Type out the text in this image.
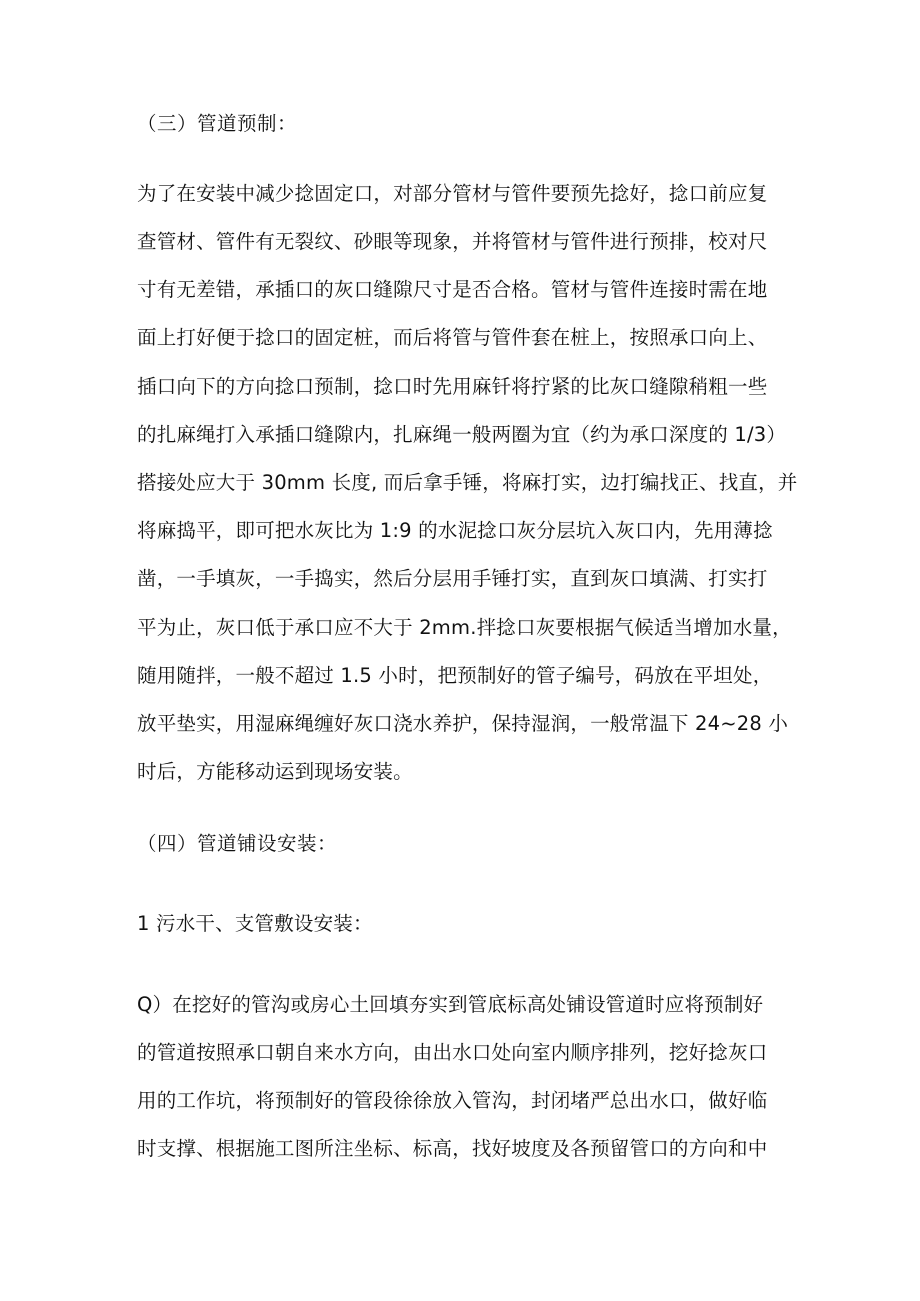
（三）管道预制：
为了在安装中减少捻固定口，对部分管材与管件要预先捻好，捻口前应复
查管材、管件有无裂纹、砂眼等现象，并将管材与管件进行预排，校对尺
寸有无差错，承插口的灰口缝隙尺寸是否合格。管材与管件连接时需在地
面上打好便于捻口的固定桩，而后将管与管件套在桩上，按照承口向上、
插口向下的方向捻口预制，捻口时先用麻钎将拧紧的比灰口缝隙稍粗一些
的扎麻绳打入承插口缝隙内，扎麻绳一般两圈为宜（约为承口深度的 1/3）
搭接处应大于 30mm 长度, 而后拿手锤，将麻打实，边打编找正、找直，并
将麻捣平，即可把水灰比为 1:9 的水泥捻口灰分层坑入灰口内，先用薄捻
凿，一手填灰，一手捣实，然后分层用手锤打实，直到灰口填满、打实打
平为止，灰口低于承口应不大于 2mm.拌捻口灰要根据气候适当增加水量，
随用随拌，一般不超过 1.5 小时，把预制好的管子编号，码放在平坦处，
放平垫实，用湿麻绳缠好灰口浇水养护，保持湿润，一般常温下 24~28 小
时后，方能移动运到现场安装。
（四）管道铺设安装：
1 污水干、支管敷设安装：
Q）在挖好的管沟或房心土回填夯实到管底标高处铺设管道时应将预制好
的管道按照承口朝自来水方向，由出水口处向室内顺序排列，挖好捻灰口
用的工作坑，将预制好的管段徐徐放入管沟，封闭堵严总出水口，做好临
时支撑、根据施工图所注坐标、标高，找好坡度及各预留管口的方向和中
